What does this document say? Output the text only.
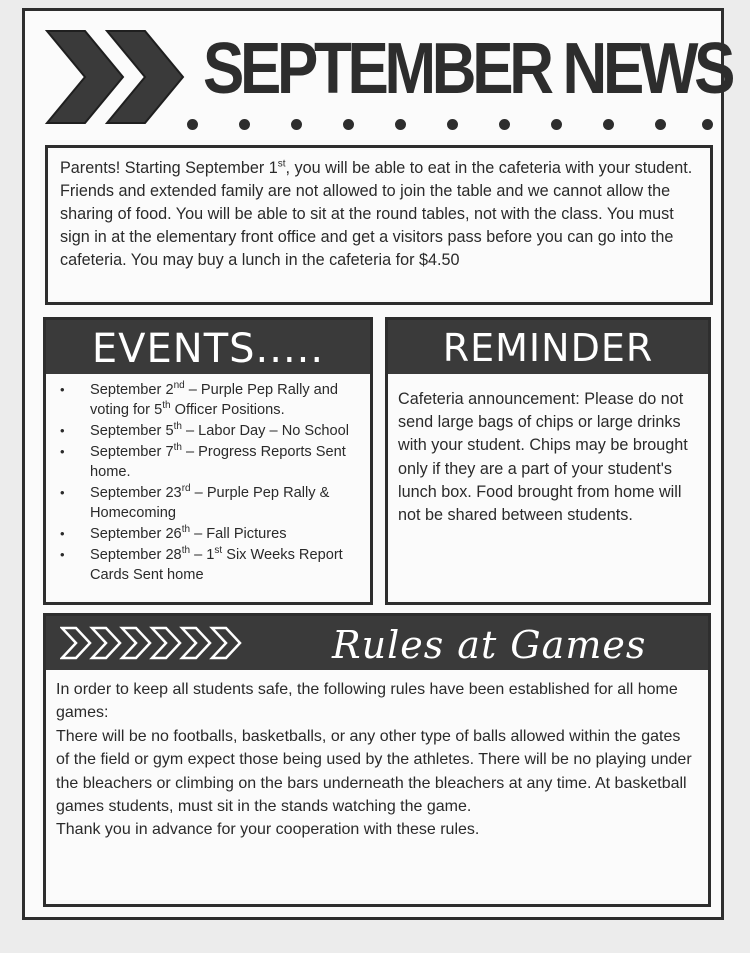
SEPTEMBER NEWS

Parents! Starting September 1st, you will be able to eat in the cafeteria with your student. Friends and extended family are not allowed to join the table and we cannot allow the sharing of food. You will be able to sit at the round tables, not with the class. You must sign in at the elementary front office and get a visitors pass before you can go into the cafeteria. You may buy a lunch in the cafeteria for $4.50

EVENTS.....
• September 2nd – Purple Pep Rally and voting for 5th Officer Positions.
• September 5th – Labor Day – No School
• September 7th – Progress Reports Sent home.
• September 23rd – Purple Pep Rally & Homecoming
• September 26th – Fall Pictures
• September 28th – 1st Six Weeks Report Cards Sent home
REMINDER
Cafeteria announcement: Please do not send large bags of chips or large drinks with your student. Chips may be brought only if they are a part of your student's lunch box. Food brought from home will not be shared between students.
Rules at Games

In order to keep all students safe, the following rules have been established for all home games:

There will be no footballs, basketballs, or any other type of balls allowed within the gates of the field or gym expect those being used by the athletes. There will be no playing under the bleachers or climbing on the bars underneath the bleachers at any time. At basketball games students, must sit in the stands watching the game.

Thank you in advance for your cooperation with these rules.
